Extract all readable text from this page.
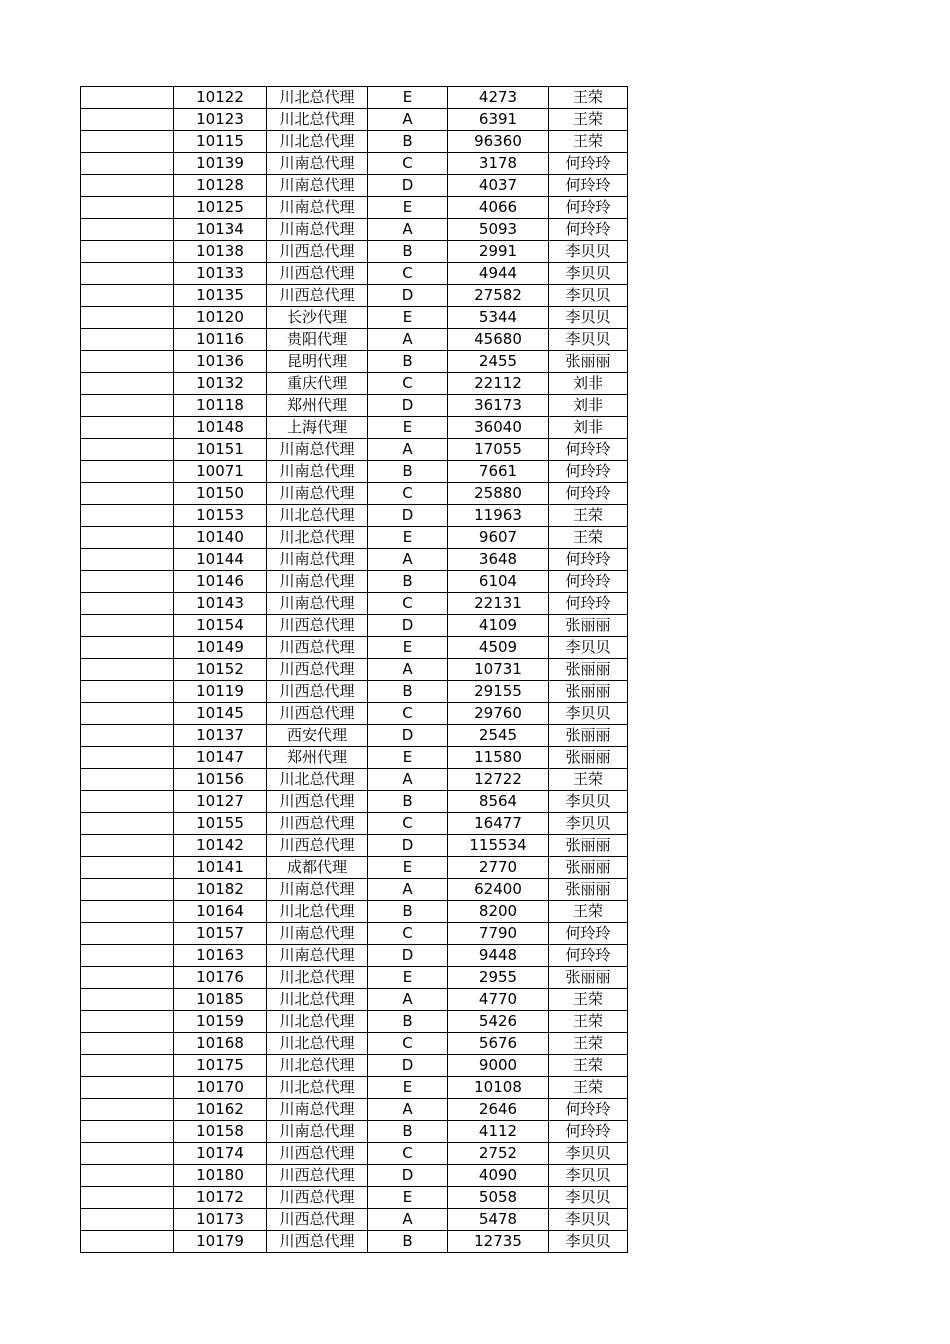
	10122	川北总代理	E	4273	王荣
	10123	川北总代理	A	6391	王荣
	10115	川北总代理	B	96360	王荣
	10139	川南总代理	C	3178	何玲玲
	10128	川南总代理	D	4037	何玲玲
	10125	川南总代理	E	4066	何玲玲
	10134	川南总代理	A	5093	何玲玲
	10138	川西总代理	B	2991	李贝贝
	10133	川西总代理	C	4944	李贝贝
	10135	川西总代理	D	27582	李贝贝
	10120	长沙代理	E	5344	李贝贝
	10116	贵阳代理	A	45680	李贝贝
	10136	昆明代理	B	2455	张丽丽
	10132	重庆代理	C	22112	刘非
	10118	郑州代理	D	36173	刘非
	10148	上海代理	E	36040	刘非
	10151	川南总代理	A	17055	何玲玲
	10071	川南总代理	B	7661	何玲玲
	10150	川南总代理	C	25880	何玲玲
	10153	川北总代理	D	11963	王荣
	10140	川北总代理	E	9607	王荣
	10144	川南总代理	A	3648	何玲玲
	10146	川南总代理	B	6104	何玲玲
	10143	川南总代理	C	22131	何玲玲
	10154	川西总代理	D	4109	张丽丽
	10149	川西总代理	E	4509	李贝贝
	10152	川西总代理	A	10731	张丽丽
	10119	川西总代理	B	29155	张丽丽
	10145	川西总代理	C	29760	李贝贝
	10137	西安代理	D	2545	张丽丽
	10147	郑州代理	E	11580	张丽丽
	10156	川北总代理	A	12722	王荣
	10127	川西总代理	B	8564	李贝贝
	10155	川西总代理	C	16477	李贝贝
	10142	川西总代理	D	115534	张丽丽
	10141	成都代理	E	2770	张丽丽
	10182	川南总代理	A	62400	张丽丽
	10164	川北总代理	B	8200	王荣
	10157	川南总代理	C	7790	何玲玲
	10163	川南总代理	D	9448	何玲玲
	10176	川北总代理	E	2955	张丽丽
	10185	川北总代理	A	4770	王荣
	10159	川北总代理	B	5426	王荣
	10168	川北总代理	C	5676	王荣
	10175	川北总代理	D	9000	王荣
	10170	川北总代理	E	10108	王荣
	10162	川南总代理	A	2646	何玲玲
	10158	川南总代理	B	4112	何玲玲
	10174	川西总代理	C	2752	李贝贝
	10180	川西总代理	D	4090	李贝贝
	10172	川西总代理	E	5058	李贝贝
	10173	川西总代理	A	5478	李贝贝
	10179	川西总代理	B	12735	李贝贝
